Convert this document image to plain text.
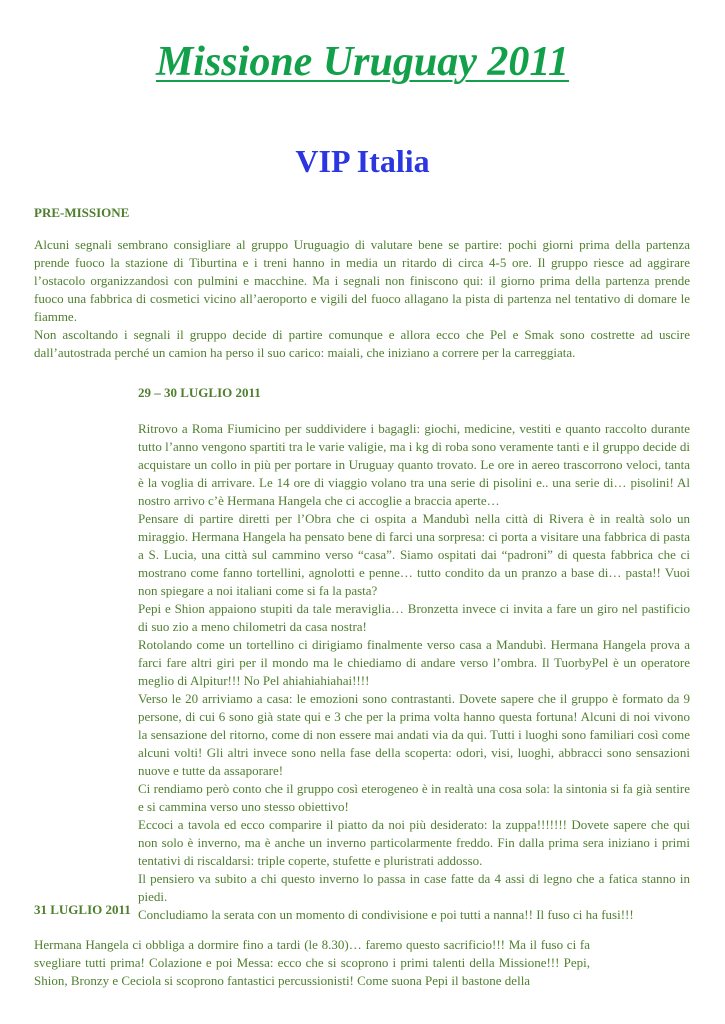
Missione Uruguay 2011
VIP Italia
PRE-MISSIONE

Alcuni segnali sembrano consigliare al gruppo Uruguagio di valutare bene se partire: pochi giorni prima della partenza prende fuoco la stazione di Tiburtina e i treni hanno in media un ritardo di circa 4-5 ore. Il gruppo riesce ad aggirare l’ostacolo organizzandosi con pulmini e macchine. Ma i segnali non finiscono qui: il giorno prima della partenza prende fuoco una fabbrica di cosmetici vicino all’aeroporto e vigili del fuoco allagano la pista di partenza nel tentativo di domare le fiamme.

Non ascoltando i segnali il gruppo decide di partire comunque e allora ecco che Pel e Smak sono costrette ad uscire dall’autostrada perché un camion ha perso il suo carico: maiali, che iniziano a correre per la carreggiata.

29 – 30 LUGLIO 2011

Ritrovo a Roma Fiumicino per suddividere i bagagli: giochi, medicine, vestiti e quanto raccolto durante tutto l’anno vengono spartiti tra le varie valigie, ma i kg di roba sono veramente tanti e il gruppo decide di acquistare un collo in più per portare in Uruguay quanto trovato. Le ore in aereo trascorrono veloci, tanta è la voglia di arrivare. Le 14 ore di viaggio volano tra una serie di pisolini e.. una serie di… pisolini! Al nostro arrivo c’è Hermana Hangela che ci accoglie a braccia aperte…

Pensare di partire diretti per l’Obra che ci ospita a Mandubì nella città di Rivera è in realtà solo un miraggio. Hermana Hangela ha pensato bene di farci una sorpresa: ci porta a visitare una fabbrica di pasta a S. Lucia, una città sul cammino verso “casa”. Siamo ospitati dai “padroni” di questa fabbrica che ci mostrano come fanno tortellini, agnolotti e penne… tutto condito da un pranzo a base di… pasta!! Vuoi non spiegare a noi italiani come si fa la pasta?

Pepi e Shion appaiono stupiti da tale meraviglia… Bronzetta invece ci invita a fare un giro nel pastificio di suo zio a meno chilometri da casa nostra!

Rotolando come un tortellino ci dirigiamo finalmente verso casa a Mandubì. Hermana Hangela prova a farci fare altri giri per il mondo ma le chiediamo di andare verso l’ombra. Il TuorbyPel è un operatore meglio di Alpitur!!! No Pel ahiahiahiahai!!!!

Verso le 20 arriviamo a casa: le emozioni sono contrastanti. Dovete sapere che il gruppo è formato da 9 persone, di cui 6 sono già state qui e 3 che per la prima volta hanno questa fortuna! Alcuni di noi vivono la sensazione del ritorno, come di non essere mai andati via da qui. Tutti i luoghi sono familiari così come alcuni volti! Gli altri invece sono nella fase della scoperta: odori, visi, luoghi, abbracci sono sensazioni nuove e tutte da assaporare!

Ci rendiamo però conto che il gruppo così eterogeneo è in realtà una cosa sola: la sintonia si fa già sentire e si cammina verso uno stesso obiettivo!

Eccoci a tavola ed ecco comparire il piatto da noi più desiderato: la zuppa!!!!!!! Dovete sapere che qui non solo è inverno, ma è anche un inverno particolarmente freddo. Fin dalla prima sera iniziano i primi tentativi di riscaldarsi: triple coperte, stufette e pluristrati addosso.

Il pensiero va subito a chi questo inverno lo passa in case fatte da 4 assi di legno che a fatica stanno in piedi.

Concludiamo la serata con un momento di condivisione e poi tutti a nanna!! Il fuso ci ha fusi!!!

31 LUGLIO 2011

Hermana Hangela ci obbliga a dormire fino a tardi (le 8.30)… faremo questo sacrificio!!! Ma il fuso ci fa svegliare tutti prima! Colazione e poi Messa: ecco che si scoprono i primi talenti della Missione!!! Pepi, Shion, Bronzy e Ceciola si scoprono fantastici percussionisti! Come suona Pepi il bastone della
